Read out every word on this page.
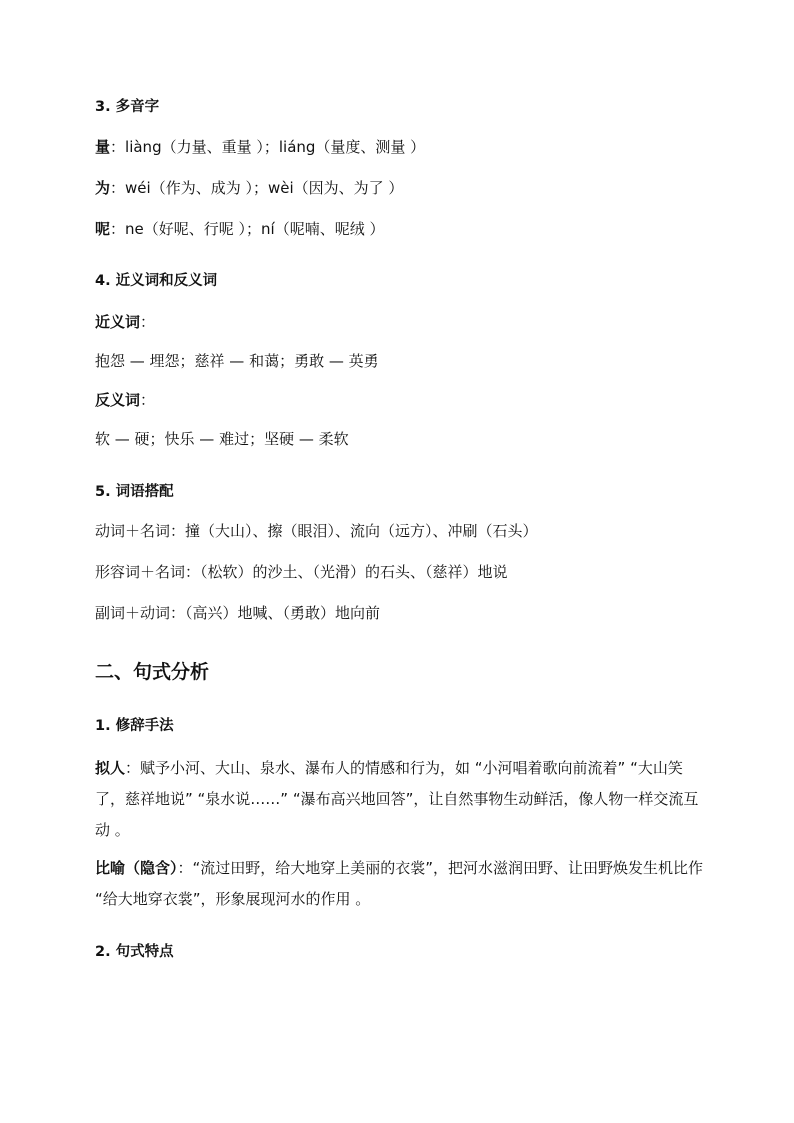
3. 多音字
量：liàng（力量、重量 ）；liáng（量度、测量 ）
为：wéi（作为、成为 ）；wèi（因为、为了 ）
呢：ne（好呢、行呢 ）；ní（呢喃、呢绒 ）
4. 近义词和反义词
近义词：
抱怨 — 埋怨；慈祥 — 和蔼；勇敢 — 英勇
反义词：
软 — 硬；快乐 — 难过；坚硬 — 柔软
5. 词语搭配
动词＋名词：撞（大山）、擦（眼泪）、流向（远方）、冲刷（石头）
形容词＋名词：（松软）的沙土、（光滑）的石头、（慈祥）地说
副词＋动词：（高兴）地喊、（勇敢）地向前
二、句式分析
1. 修辞手法
拟人：赋予小河、大山、泉水、瀑布人的情感和行为，如 “小河唱着歌向前流着” “大山笑了，慈祥地说” “泉水说……” “瀑布高兴地回答”，让自然事物生动鲜活，像人物一样交流互动 。
比喻（隐含）：“流过田野，给大地穿上美丽的衣裳”，把河水滋润田野、让田野焕发生机比作 “给大地穿衣裳”，形象展现河水的作用 。
2. 句式特点
